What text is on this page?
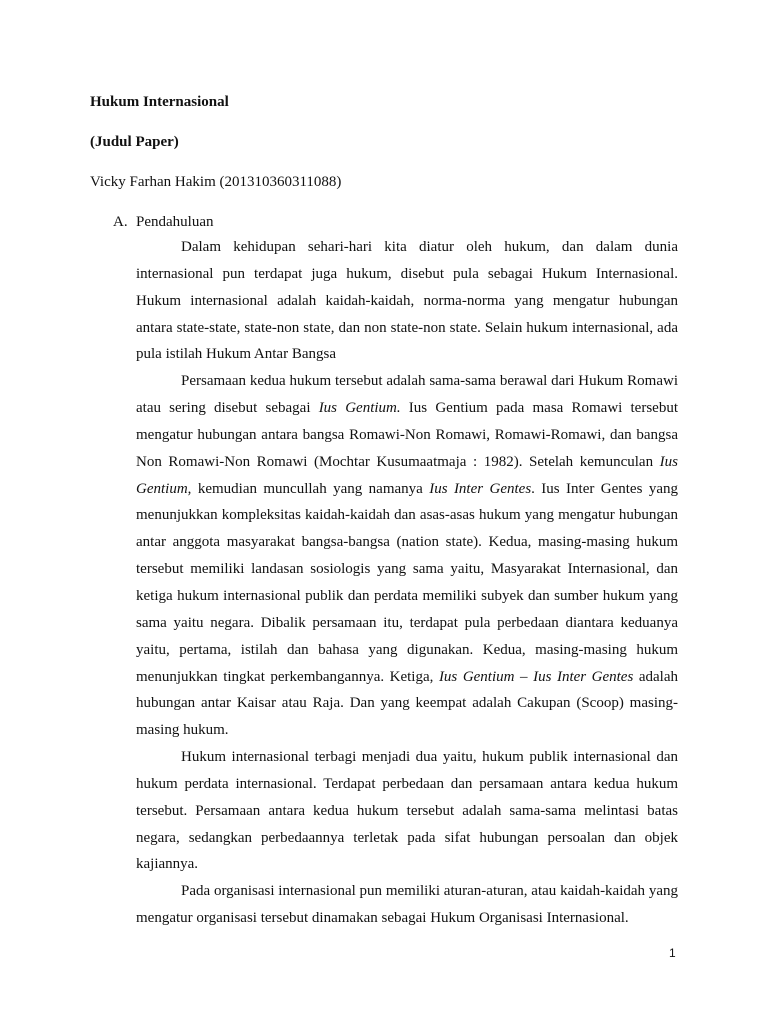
Hukum Internasional
(Judul Paper)
Vicky Farhan Hakim (201310360311088)
A. Pendahuluan

Dalam kehidupan sehari-hari kita diatur oleh hukum, dan dalam dunia internasional pun terdapat juga hukum, disebut pula sebagai Hukum Internasional. Hukum internasional adalah kaidah-kaidah, norma-norma yang mengatur hubungan antara state-state, state-non state, dan non state-non state. Selain hukum internasional, ada pula istilah Hukum Antar Bangsa

Persamaan kedua hukum tersebut adalah sama-sama berawal dari Hukum Romawi atau sering disebut sebagai Ius Gentium. Ius Gentium pada masa Romawi tersebut mengatur hubungan antara bangsa Romawi-Non Romawi, Romawi-Romawi, dan bangsa Non Romawi-Non Romawi (Mochtar Kusumaatmaja : 1982). Setelah kemunculan Ius Gentium, kemudian muncullah yang namanya Ius Inter Gentes. Ius Inter Gentes yang menunjukkan kompleksitas kaidah-kaidah dan asas-asas hukum yang mengatur hubungan antar anggota masyarakat bangsa-bangsa (nation state). Kedua, masing-masing hukum tersebut memiliki landasan sosiologis yang sama yaitu, Masyarakat Internasional, dan ketiga hukum internasional publik dan perdata memiliki subyek dan sumber hukum yang sama yaitu negara. Dibalik persamaan itu, terdapat pula perbedaan diantara keduanya yaitu, pertama, istilah dan bahasa yang digunakan. Kedua, masing-masing hukum menunjukkan tingkat perkembangannya. Ketiga, Ius Gentium – Ius Inter Gentes adalah hubungan antar Kaisar atau Raja. Dan yang keempat adalah Cakupan (Scoop) masing-masing hukum.

Hukum internasional terbagi menjadi dua yaitu, hukum publik internasional dan hukum perdata internasional. Terdapat perbedaan dan persamaan antara kedua hukum tersebut. Persamaan antara kedua hukum tersebut adalah sama-sama melintasi batas negara, sedangkan perbedaannya terletak pada sifat hubungan persoalan dan objek kajiannya.

Pada organisasi internasional pun memiliki aturan-aturan, atau kaidah-kaidah yang mengatur organisasi tersebut dinamakan sebagai Hukum Organisasi Internasional.

1
